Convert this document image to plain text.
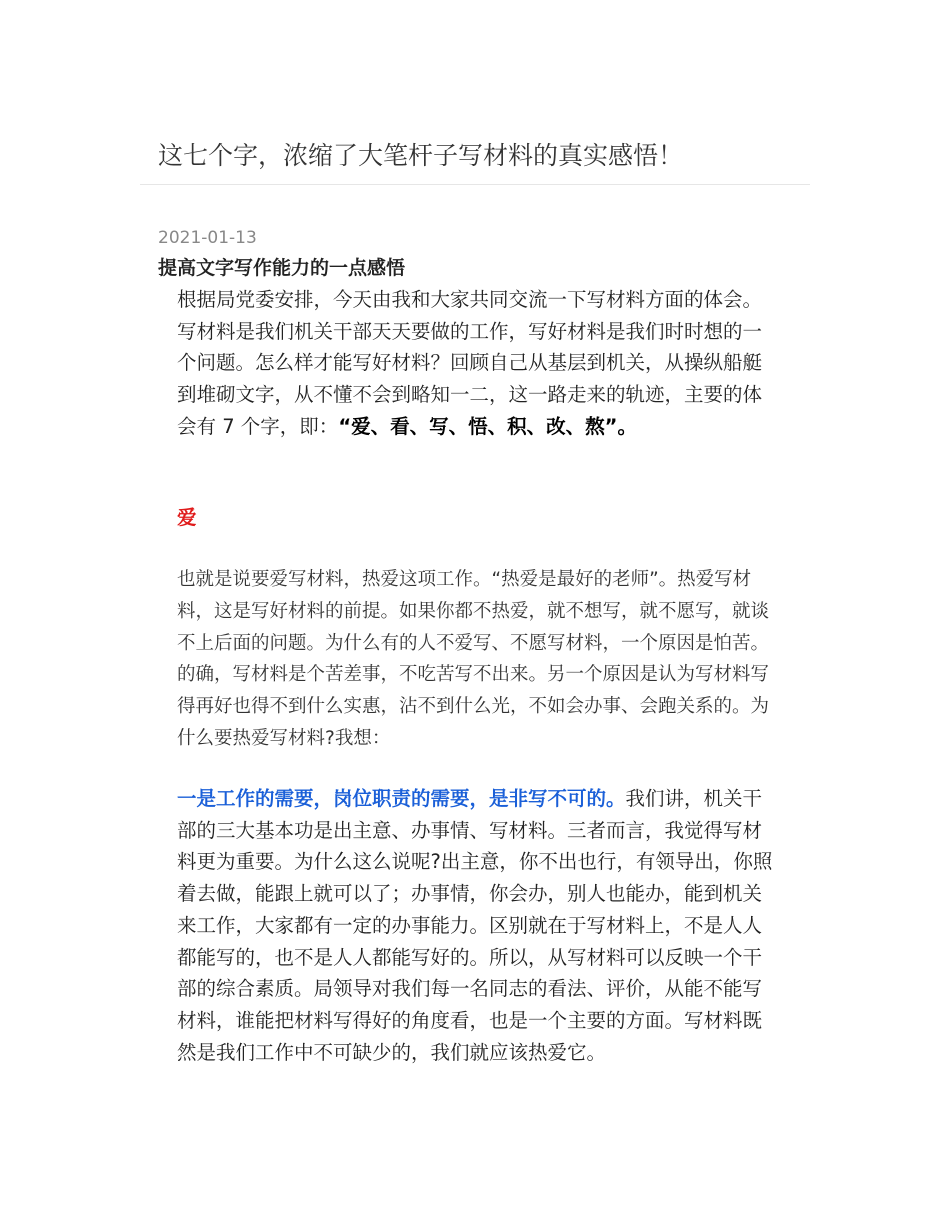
这七个字，浓缩了大笔杆子写材料的真实感悟！
2021-01-13
提高文字写作能力的一点感悟

根据局党委安排，今天由我和大家共同交流一下写材料方面的体会。写材料是我们机关干部天天要做的工作，写好材料是我们时时想的一个问题。怎么样才能写好材料？回顾自己从基层到机关，从操纵船艇到堆砌文字，从不懂不会到略知一二，这一路走来的轨迹，主要的体会有 7 个字，即：“爱、看、写、悟、积、改、熬”。

爱

也就是说要爱写材料，热爱这项工作。“热爱是最好的老师”。热爱写材料，这是写好材料的前提。如果你都不热爱，就不想写，就不愿写，就谈不上后面的问题。为什么有的人不爱写、不愿写材料，一个原因是怕苦。的确，写材料是个苦差事，不吃苦写不出来。另一个原因是认为写材料写得再好也得不到什么实惠，沾不到什么光，不如会办事、会跑关系的。为什么要热爱写材料?我想：

一是工作的需要，岗位职责的需要，是非写不可的。我们讲，机关干部的三大基本功是出主意、办事情、写材料。三者而言，我觉得写材料更为重要。为什么这么说呢?出主意，你不出也行，有领导出，你照着去做，能跟上就可以了；办事情，你会办，别人也能办，能到机关来工作，大家都有一定的办事能力。区别就在于写材料上，不是人人都能写的，也不是人人都能写好的。所以，从写材料可以反映一个干部的综合素质。局领导对我们每一名同志的看法、评价，从能不能写材料，谁能把材料写得好的角度看，也是一个主要的方面。写材料既然是我们工作中不可缺少的，我们就应该热爱它。
